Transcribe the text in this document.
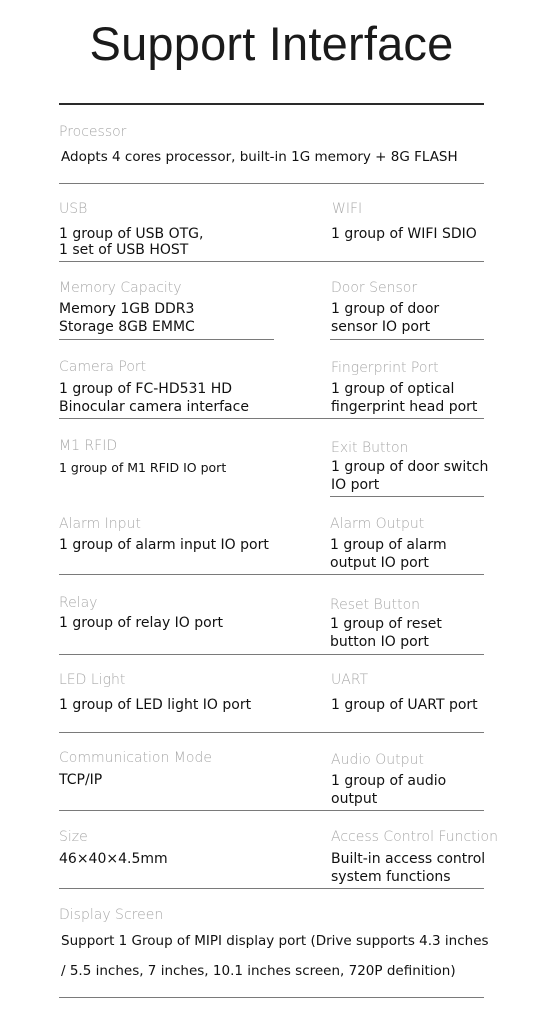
Support Interface
Processor
Adopts 4 cores processor, built-in 1G memory + 8G FLASH
USB
1 group of USB OTG,
1 set of USB HOST
WIFI
1 group of WIFI SDIO
Memory Capacity
Memory 1GB DDR3
Storage 8GB EMMC
Door Sensor
1 group of door
sensor IO port
Camera Port
1 group of FC-HD531 HD
Binocular camera interface
Fingerprint Port
1 group of optical
fingerprint head port
M1 RFID
1 group of M1 RFID IO port
Exit Button
1 group of door switch
IO port
Alarm Input
1 group of alarm input IO port
Alarm Output
1 group of alarm
output IO port
Relay
1 group of relay IO port
Reset Button
1 group of reset
button IO port
LED Light
1 group of LED light IO port
UART
1 group of UART port
Communication Mode
TCP/IP
Audio Output
1 group of audio
output
Size
46×40×4.5mm
Access Control Function
Built-in access control
system functions
Display Screen
Support 1 Group of MIPI display port (Drive supports 4.3 inches
/ 5.5 inches, 7 inches, 10.1 inches screen, 720P definition)
